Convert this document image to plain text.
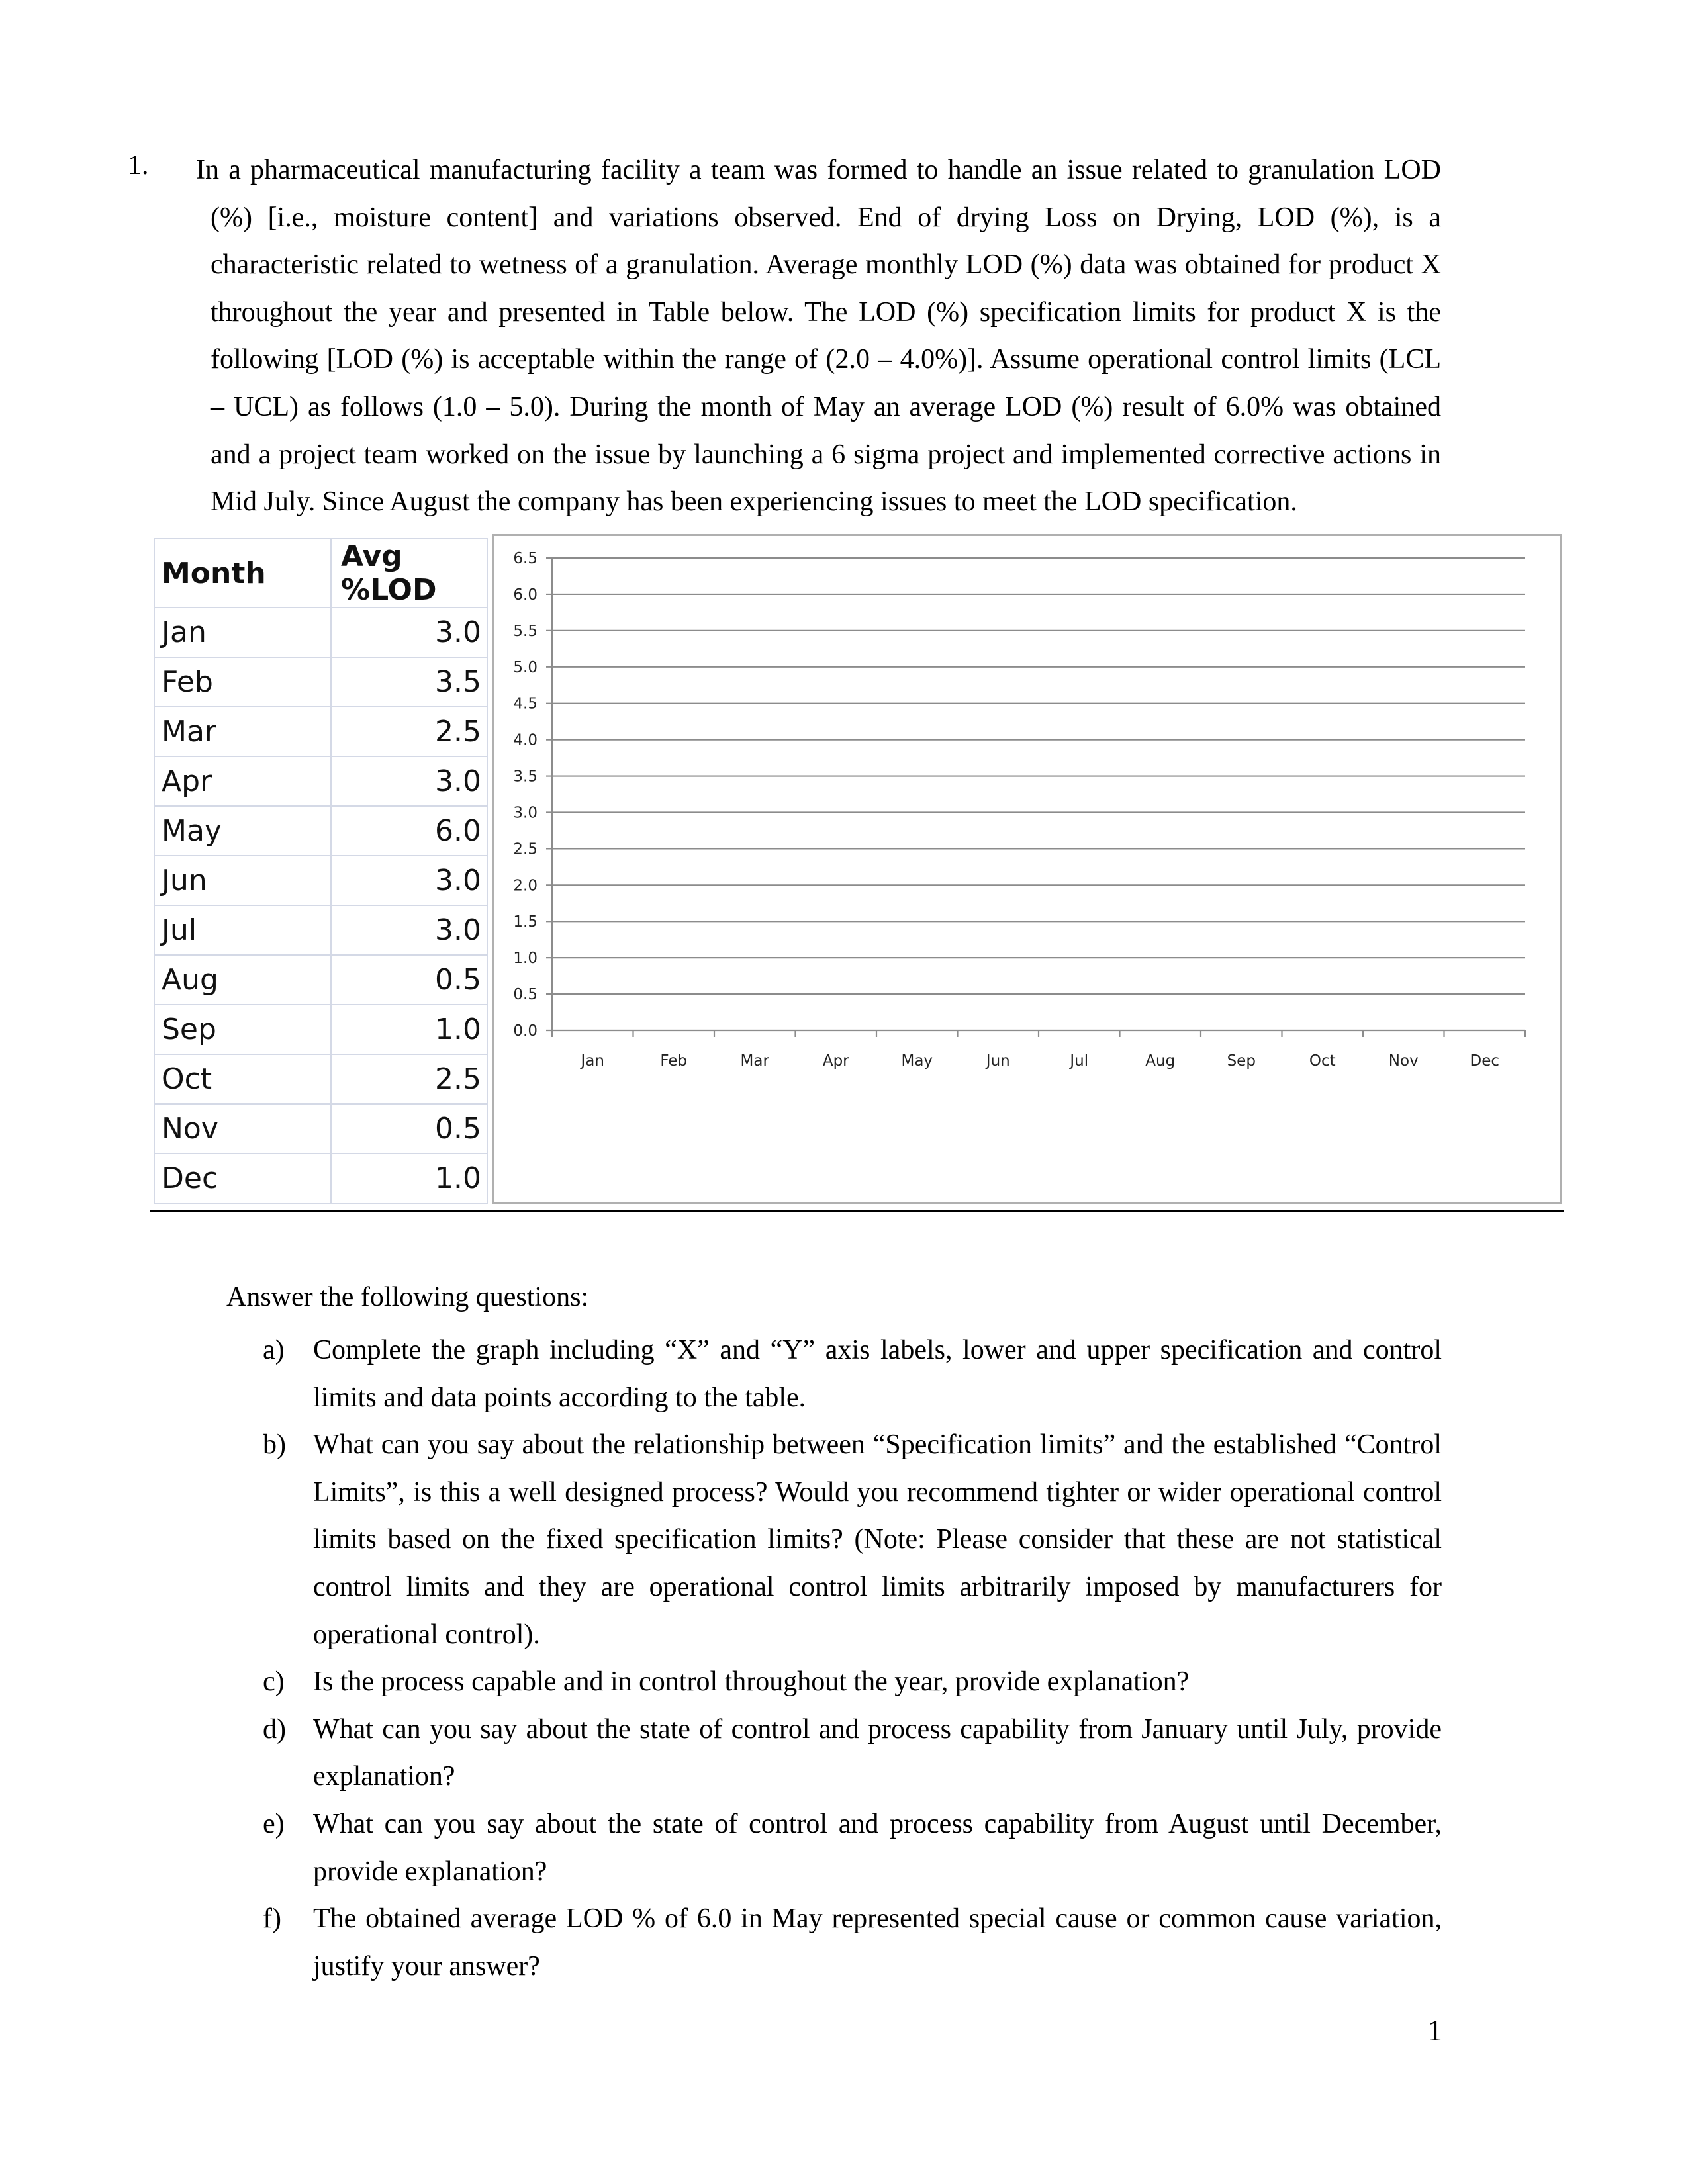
1. In a pharmaceutical manufacturing facility a team was formed to handle an issue related to granulation LOD
(%) [i.e., moisture content] and variations observed. End of drying Loss on Drying, LOD (%), is a
characteristic related to wetness of a granulation. Average monthly LOD (%) data was obtained for product X
throughout the year and presented in Table below. The LOD (%) specification limits for product X is the
following [LOD (%) is acceptable within the range of (2.0 – 4.0%)]. Assume operational control limits (LCL
– UCL) as follows (1.0 – 5.0). During the month of May an average LOD (%) result of 6.0% was obtained
and a project team worked on the issue by launching a 6 sigma project and implemented corrective actions in
Mid July. Since August the company has been experiencing issues to meet the LOD specification.
Month	Avg %LOD
Jan	3.0
Feb	3.5
Mar	2.5
Apr	3.0
May	6.0
Jun	3.0
Jul	3.0
Aug	0.5
Sep	1.0
Oct	2.5
Nov	0.5
Dec	1.0
0.0
0.5
1.0
1.5
2.0
2.5
3.0
3.5
4.0
4.5
5.0
5.5
6.0
6.5
Jan	Feb	Mar	Apr	May	Jun	Jul	Aug	Sep	Oct	Nov	Dec
Answer the following questions:
a) Complete the graph including “X” and “Y” axis labels, lower and upper specification and control
limits and data points according to the table.
b) What can you say about the relationship between “Specification limits” and the established “Control
Limits”, is this a well designed process? Would you recommend tighter or wider operational control
limits based on the fixed specification limits? (Note: Please consider that these are not statistical
control limits and they are operational control limits arbitrarily imposed by manufacturers for
operational control).
c) Is the process capable and in control throughout the year, provide explanation?
d) What can you say about the state of control and process capability from January until July, provide
explanation?
e) What can you say about the state of control and process capability from August until December,
provide explanation?
f) The obtained average LOD % of 6.0 in May represented special cause or common cause variation,
justify your answer?
1
